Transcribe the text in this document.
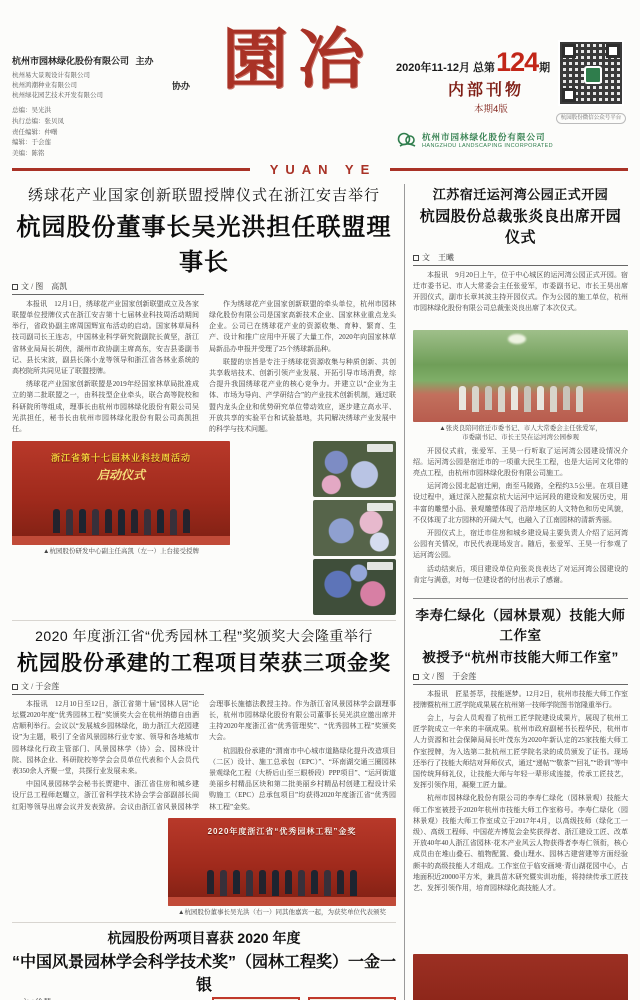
杭州市园林绿化股份有限公司 主办
杭州易大景观设计有限公司
杭州鸿潮种业有限公司
杭州绿花园艺技术开发有限公司
协办
总编：吴光洪
执行总编：张贝凤
责任编辑：仲曙
编辑：于会莲
美编：陈铭
園冶	2020年11-12月 总第 124 期
内部刊物
本期4版
杭州市园林绿化股份有限公司
HANGZHOU LANDSCAPING INCORPORATED
杭园股份微信公众号平台
YUAN YE
绣球花产业国家创新联盟授牌仪式在浙江安吉举行
杭园股份董事长吴光洪担任联盟理事长
文 / 图　高凯

本报讯　12月1日，绣球花产业国家创新联盟成立及各家联盟单位授牌仪式在浙江安吉第十七届林业科技周活动期间举行，省政协副主席周国辉宣布活动的启动。国家林草局科技司副司长王连志，中国林业科学研究院副院长黄坚，浙江省林业局局长胡侠，湖州市政协副主席高东，安吉县委副书记、县长宋波，副县长陈小龙等领导和浙江省各林业系统的高校院所共同见证了联盟授牌。

绣球花产业国家创新联盟是2019年经国家林草局批准成立的第二批联盟之一，由科技型企业牵头，联合高等院校和科研院所等组成，理事长由杭州市园林绿化股份有限公司吴光洪担任，秘书长由杭州市园林绿化股份有限公司高凯担任。

作为绣球花产业国家创新联盟的牵头单位，杭州市园林绿化股份有限公司是国家高新技术企业、国家林业重点龙头企业。公司已在绣球花产业的资源收集、育种、繁育、生产、设计和推广应用中开展了大量工作，2020年向国家林草局新品办申报并受理了25个绣球新品种。

联盟的宗旨是专注于绣球花资源收集与种质创新、共创共享栽培技术、创新引领产业发展、开拓引导市场消费，综合提升我国绣球花产业的核心竞争力。并建立以“企业为主体、市场为导向、产学研结合”的产业技术创新机制，通过联盟内龙头企业和优势研究单位带动效应，逐步建立高水平、开放共享的实验平台和试验基地，共同解决绣球产业发展中的科学与技术问题。

浙江省第十七届林业科技周活动
启动仪式
▲杭园股份研发中心副主任高凯（左一）上台接受授牌
2020 年度浙江省“优秀园林工程”奖颁奖大会隆重举行
杭园股份承建的工程项目荣获三项金奖
文 / 于会莲

本报讯　12月10日至12日，浙江省第十届“园林人居”论坛暨2020年度“优秀园林工程”奖颁奖大会在杭州纳德自由酒店顺利举行。会议以“发展城乡园林绿化，助力浙江大花园建设”为主题，吸引了全省风景园林行业专家、领导和各地城市园林绿化行政主管部门、风景园林学（协）会、园林设计院、园林企业、科研院校等学会会员单位代表和个人会员代表350余人齐聚一堂，共探行业发展未来。

中国风景园林学会秘书长贾建中、浙江省住房和城乡建设厅总工程师赵耀立，浙江省科学技术协会学会部副部长阎红阳等领导出席会议并发表致辞。会议由浙江省风景园林学会理事长施德法教授主持。作为浙江省风景园林学会副理事长，杭州市园林绿化股份有限公司董事长吴光洪应邀出席并主持2020年度浙江省“优秀管理奖”、“优秀园林工程”奖颁奖大会。

杭园股份承建的“渭南市中心城市道路绿化提升改造项目（二区）设计、施工总承包（EPC）”、“环南湖交通三圈园林景观绿化工程（大桥后山至三眼桥段）PPP项目”、“运河街道美丽乡村精品区块和第二批美丽乡村精品村创建工程设计采购施工（EPC）总承包项目”均获得2020年度浙江省“优秀园林工程”金奖。

2020年度浙江省“优秀园林工程”金奖
▲杭园股份董事长吴光洪（右一）同其他嘉宾一起，为获奖单位代表颁奖
杭园股份两项目喜获 2020 年度
“中国风景园林学会科学技术奖”（园林工程奖）一金一银

江苏宿迁运河湾公园正式开园
杭园股份总裁张炎良出席开园仪式
文　王曦

本报讯　9月20日上午，位于中心城区的运河湾公园正式开园。宿迁市委书记、市人大常委会主任张爱军，市委副书记、市长王昊出席开园仪式，副市长章其波主持开园仪式。作为公园的施工单位，杭州市园林绿化股份有限公司总裁张炎良出席了本次仪式。

▲张炎良陪同宿迁市委书记、市人大常委会主任张爱军，
市委副书记、市长王昊在运河湾公园参观

开园仪式前，张爱军、王昊一行听取了运河湾公园建设情况介绍。运河湾公园是宿迁市的一项重大民生工程，也是大运河文化带的亮点工程，由杭州市园林绿化股份有限公司施工。

运河湾公园北起宿迁闸，南至马陵路，全程约3.5公里。在项目建设过程中，通过深入挖掘京杭大运河中运河段的建设和发展历史，用丰富的雕塑小品、景观雕塑体现了沿岸地区的人文特色和历史风貌，不仅体现了北方园林的开阔大气，也融入了江南园林的清新秀丽。

开园仪式上，宿迁市住房和城乡建设局主要负责人介绍了运河湾公园有关情况，市民代表现场发言。随后，张爱军、王昊一行参观了运河湾公园。

活动结束后，项目建设单位向张炎良表达了对运河湾公园建设的肯定与满意，对每一位建设者的付出表示了感谢。

李寿仁绿化（园林景观）技能大师工作室
被授予“杭州市技能大师工作室”
文 / 图　于会莲

本报讯　匠星荟萃，技能逐梦。12月2日，杭州市技能大师工作室授牌暨杭州工匠学院成果展在杭州第一技师学院图书馆隆重举行。

会上，与会人员观看了杭州工匠学院建设成果片，展现了杭州工匠学院成立一年来的丰硕成果。杭州市政府副秘书长程华民，杭州市人力资源和社会保障局局长叶茂东为2020年新认定的25家技能大师工作室授牌，为入选第二批杭州工匠学院名录的成员颁发了证书。现场还举行了技能大师结对拜师仪式，通过“递帖”“敬茶”“回礼”“聆训”等中国传统拜师礼仪，让技能大师与年轻一辈形成连接，传承工匠技艺，发挥引领作用，凝聚工匠力量。

杭州市园林绿化股份有限公司的李寿仁绿化（园林景观）技能大师工作室被授予2020年杭州市技能大师工作室称号。李寿仁绿化（园林景观）技能大师工作室成立于2017年4月，以高级技师（绿化工一级）、高级工程师、中国花卉博览会金奖获得者、浙江建设工匠、改革开放40年40人浙江省园林·花木产业风云人物获得者李寿仁领衔，核心成员由在堆山叠石、植物配置、叠山理水、园林古建营建等方面经验颇丰的高级技能人才组成。工作室位于临安画境·青山湖花园中心，占地面积近20000平方米，兼具苗木研究暨实训功能，将持续传承工匠技艺、发挥引领作用，培育园林绿化高技能人才。
